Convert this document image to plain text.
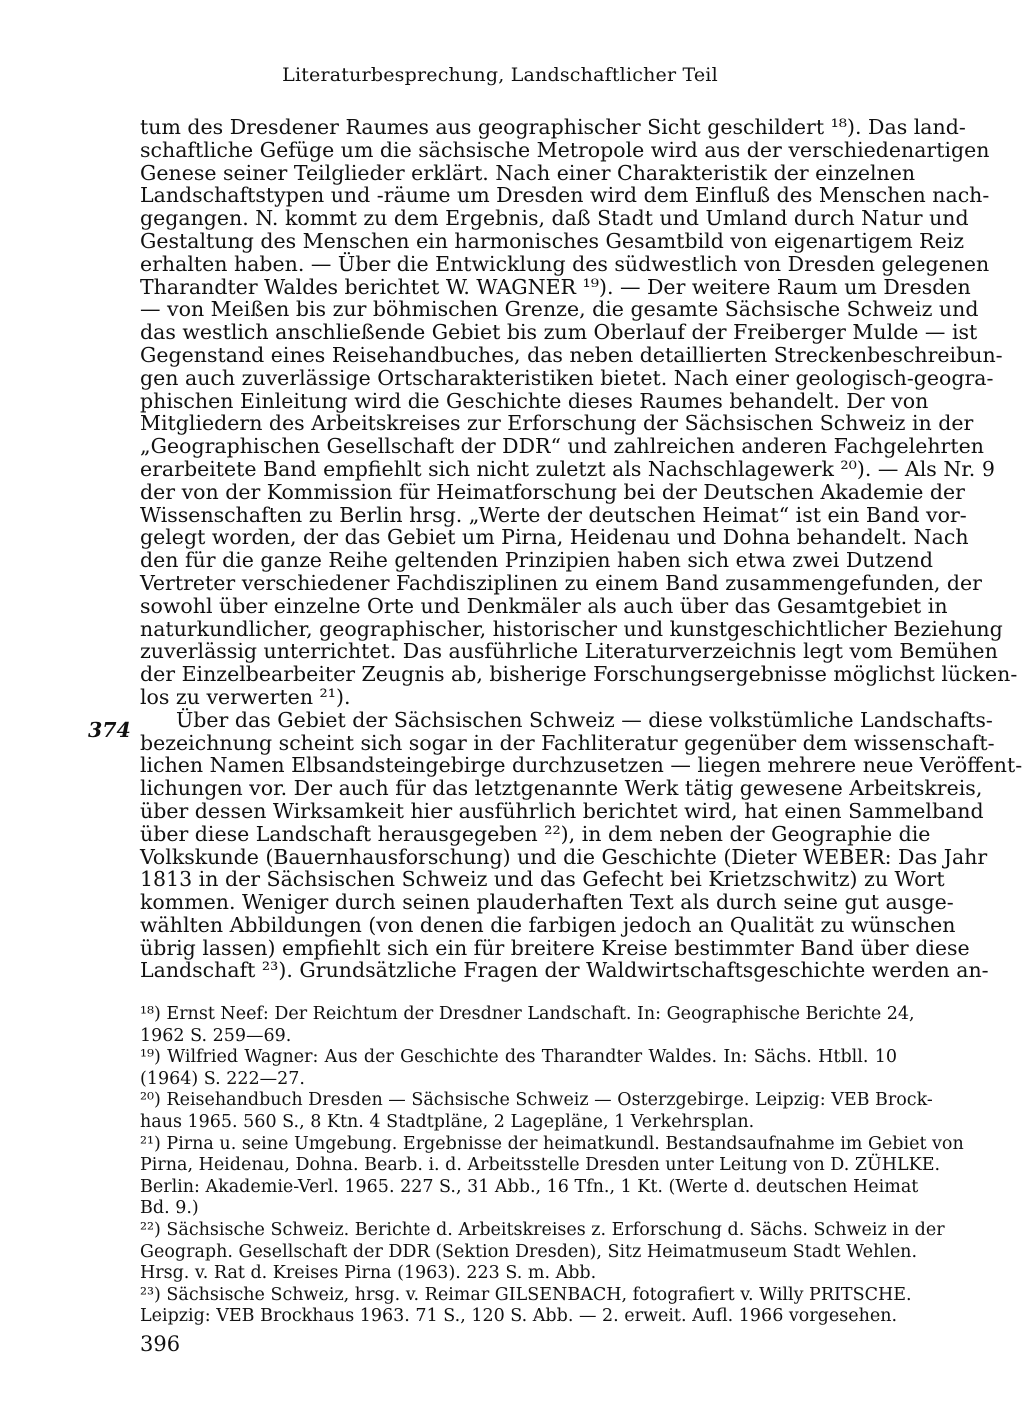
Literaturbesprechung, Landschaftlicher Teil
374
tum des Dresdener Raumes aus geographischer Sicht geschildert ¹⁸). Das land-
schaftliche Gefüge um die sächsische Metropole wird aus der verschiedenartigen
Genese seiner Teilglieder erklärt. Nach einer Charakteristik der einzelnen
Landschaftstypen und -räume um Dresden wird dem Einfluß des Menschen nach-
gegangen. N. kommt zu dem Ergebnis, daß Stadt und Umland durch Natur und
Gestaltung des Menschen ein harmonisches Gesamtbild von eigenartigem Reiz
erhalten haben. — Über die Entwicklung des südwestlich von Dresden gelegenen
Tharandter Waldes berichtet W. WAGNER ¹⁹). — Der weitere Raum um Dresden
— von Meißen bis zur böhmischen Grenze, die gesamte Sächsische Schweiz und
das westlich anschließende Gebiet bis zum Oberlauf der Freiberger Mulde — ist
Gegenstand eines Reisehandbuches, das neben detaillierten Streckenbeschreibun-
gen auch zuverlässige Ortscharakteristiken bietet. Nach einer geologisch-geogra-
phischen Einleitung wird die Geschichte dieses Raumes behandelt. Der von
Mitgliedern des Arbeitskreises zur Erforschung der Sächsischen Schweiz in der
„Geographischen Gesellschaft der DDR“ und zahlreichen anderen Fachgelehrten
erarbeitete Band empfiehlt sich nicht zuletzt als Nachschlagewerk ²⁰). — Als Nr. 9
der von der Kommission für Heimatforschung bei der Deutschen Akademie der
Wissenschaften zu Berlin hrsg. „Werte der deutschen Heimat“ ist ein Band vor-
gelegt worden, der das Gebiet um Pirna, Heidenau und Dohna behandelt. Nach
den für die ganze Reihe geltenden Prinzipien haben sich etwa zwei Dutzend
Vertreter verschiedener Fachdisziplinen zu einem Band zusammengefunden, der
sowohl über einzelne Orte und Denkmäler als auch über das Gesamtgebiet in
naturkundlicher, geographischer, historischer und kunstgeschichtlicher Beziehung
zuverlässig unterrichtet. Das ausführliche Literaturverzeichnis legt vom Bemühen
der Einzelbearbeiter Zeugnis ab, bisherige Forschungsergebnisse möglichst lücken-
los zu verwerten ²¹).
Über das Gebiet der Sächsischen Schweiz — diese volkstümliche Landschafts-
bezeichnung scheint sich sogar in der Fachliteratur gegenüber dem wissenschaft-
lichen Namen Elbsandsteingebirge durchzusetzen — liegen mehrere neue Veröffent-
lichungen vor. Der auch für das letztgenannte Werk tätig gewesene Arbeitskreis,
über dessen Wirksamkeit hier ausführlich berichtet wird, hat einen Sammelband
über diese Landschaft herausgegeben ²²), in dem neben der Geographie die
Volkskunde (Bauernhausforschung) und die Geschichte (Dieter WEBER: Das Jahr
1813 in der Sächsischen Schweiz und das Gefecht bei Krietzschwitz) zu Wort
kommen. Weniger durch seinen plauderhaften Text als durch seine gut ausge-
wählten Abbildungen (von denen die farbigen jedoch an Qualität zu wünschen
übrig lassen) empfiehlt sich ein für breitere Kreise bestimmter Band über diese
Landschaft ²³). Grundsätzliche Fragen der Waldwirtschaftsgeschichte werden an-
¹⁸) Ernst Neef: Der Reichtum der Dresdner Landschaft. In: Geographische Berichte 24,
1962 S. 259—69.
¹⁹) Wilfried Wagner: Aus der Geschichte des Tharandter Waldes. In: Sächs. Htbll. 10
(1964) S. 222—27.
²⁰) Reisehandbuch Dresden — Sächsische Schweiz — Osterzgebirge. Leipzig: VEB Brock-
haus 1965. 560 S., 8 Ktn. 4 Stadtpläne, 2 Lagepläne, 1 Verkehrsplan.
²¹) Pirna u. seine Umgebung. Ergebnisse der heimatkundl. Bestandsaufnahme im Gebiet von
Pirna, Heidenau, Dohna. Bearb. i. d. Arbeitsstelle Dresden unter Leitung von D. ZÜHLKE.
Berlin: Akademie-Verl. 1965. 227 S., 31 Abb., 16 Tfn., 1 Kt. (Werte d. deutschen Heimat
Bd. 9.)
²²) Sächsische Schweiz. Berichte d. Arbeitskreises z. Erforschung d. Sächs. Schweiz in der
Geograph. Gesellschaft der DDR (Sektion Dresden), Sitz Heimatmuseum Stadt Wehlen.
Hrsg. v. Rat d. Kreises Pirna (1963). 223 S. m. Abb.
²³) Sächsische Schweiz, hrsg. v. Reimar GILSENBACH, fotografiert v. Willy PRITSCHE.
Leipzig: VEB Brockhaus 1963. 71 S., 120 S. Abb. — 2. erweit. Aufl. 1966 vorgesehen.
396
